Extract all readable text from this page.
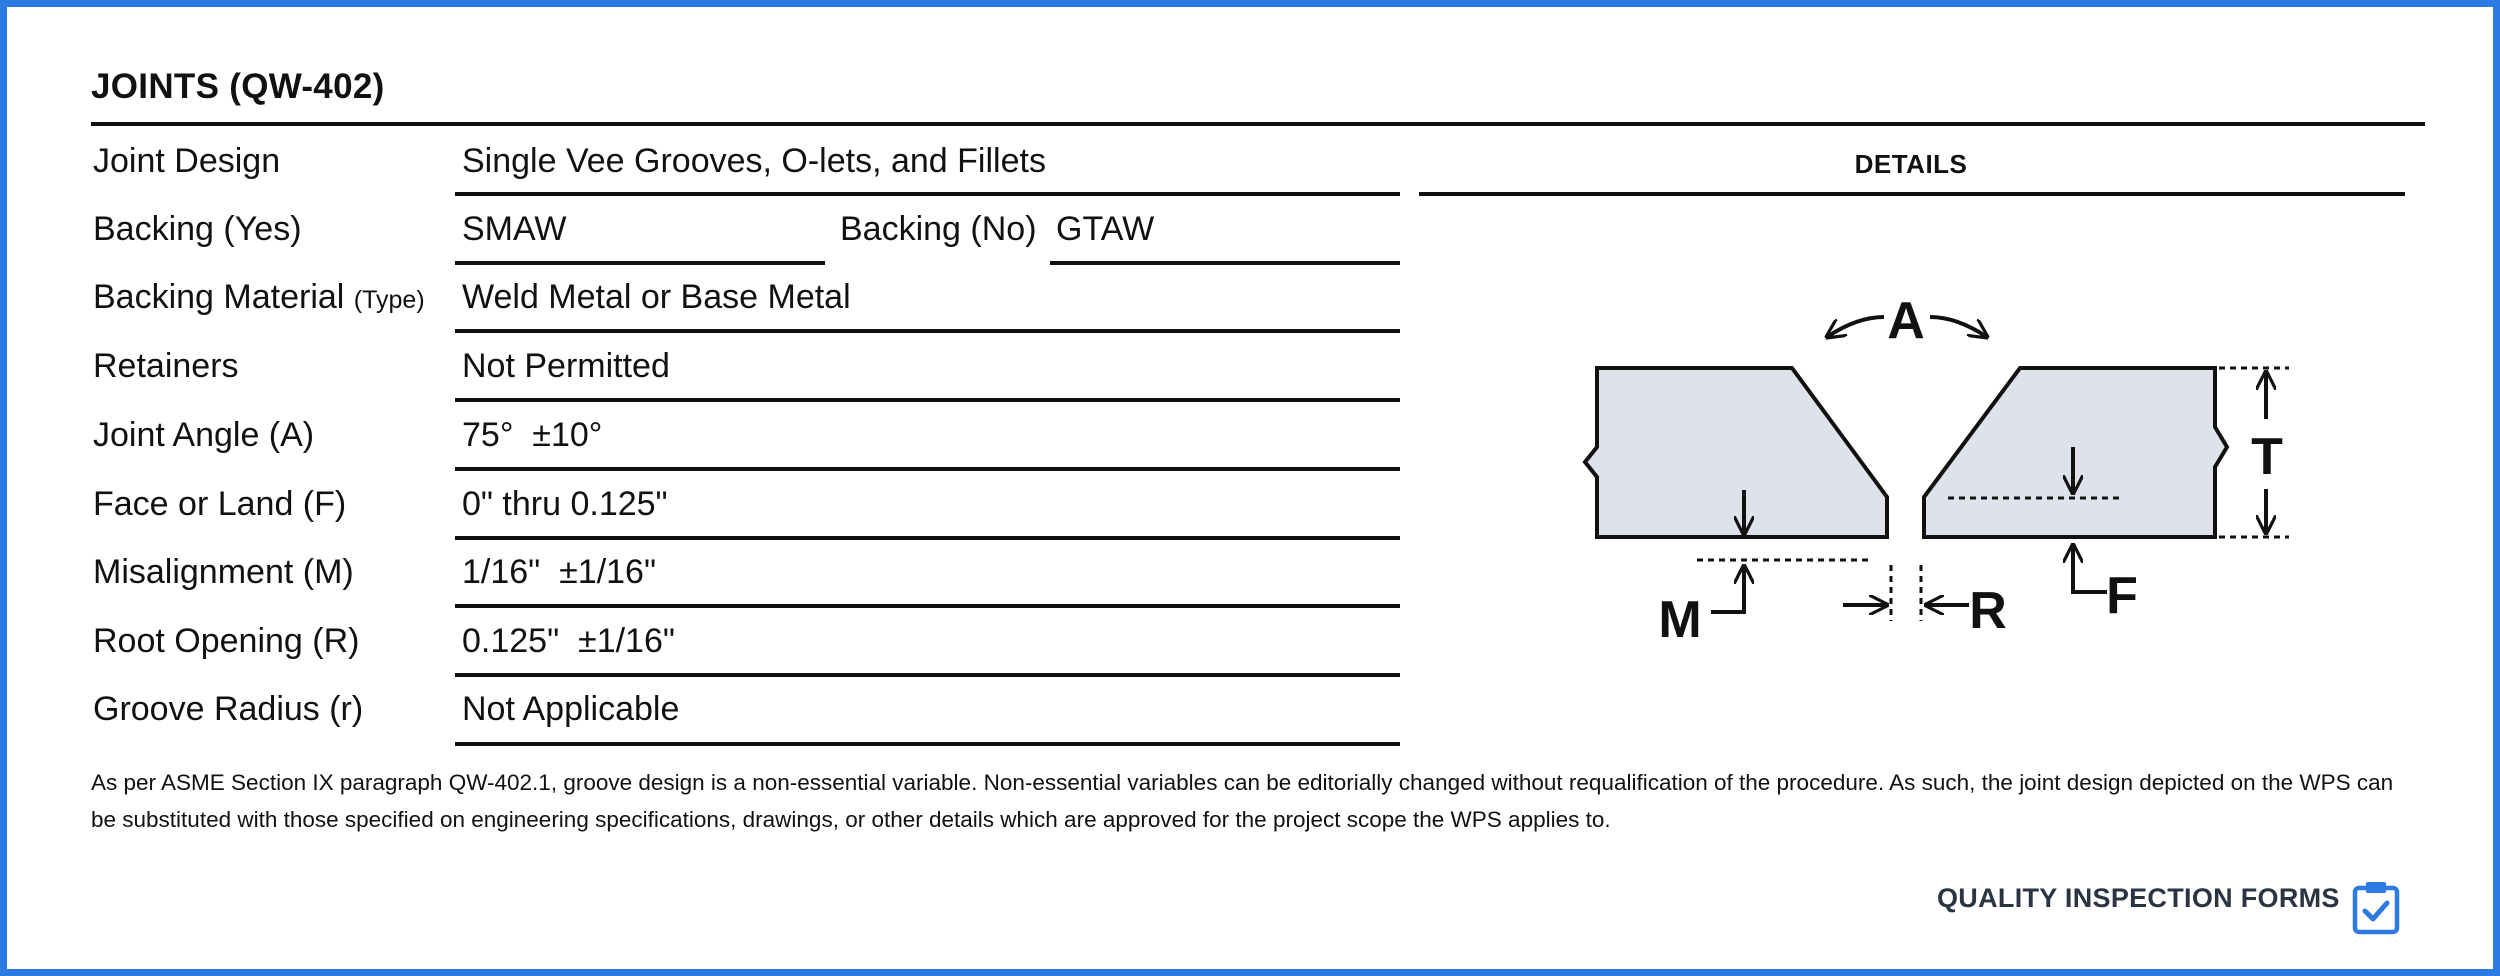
JOINTS (QW-402)
Joint Design	Single Vee Grooves, O-lets, and Fillets
Backing (Yes)	SMAW	Backing (No) GTAW
Backing Material (Type) Weld Metal or Base Metal
Retainers	Not Permitted
Joint Angle (A)	75°  ±10°
Face or Land (F)	0" thru 0.125"
Misalignment (M)	1/16"  ±1/16"
Root Opening (R)	0.125"  ±1/16"
Groove Radius (r)	Not Applicable
DETAILS
A
T
M	R F
As per ASME Section IX paragraph QW-402.1, groove design is a non-essential variable. Non-essential variables can be editorially changed without requalification of the procedure. As such, the joint design depicted on the WPS can be substituted with those specified on engineering specifications, drawings, or other details which are approved for the project scope the WPS applies to.
QUALITY INSPECTION FORMS
